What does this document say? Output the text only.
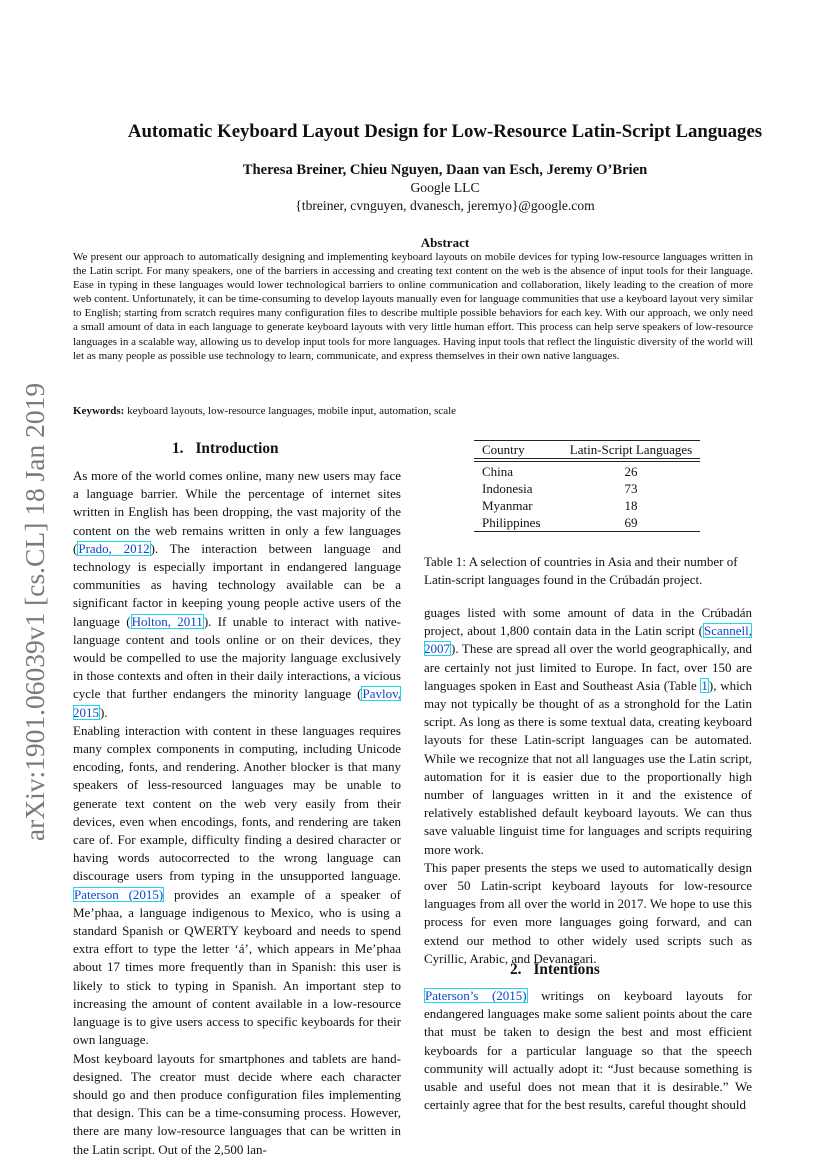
arXiv:1901.06039v1 [cs.CL] 18 Jan 2019
Automatic Keyboard Layout Design for Low-Resource Latin-Script Languages
Theresa Breiner, Chieu Nguyen, Daan van Esch, Jeremy O’Brien
Google LLC
{tbreiner, cvnguyen, dvanesch, jeremyo}@google.com
Abstract
We present our approach to automatically designing and implementing keyboard layouts on mobile devices for typing low-resource languages written in the Latin script. For many speakers, one of the barriers in accessing and creating text content on the web is the absence of input tools for their language. Ease in typing in these languages would lower technological barriers to online communication and collaboration, likely leading to the creation of more web content. Unfortunately, it can be time-consuming to develop layouts manually even for language communities that use a keyboard layout very similar to English; starting from scratch requires many configuration files to describe multiple possible behaviors for each key. With our approach, we only need a small amount of data in each language to generate keyboard layouts with very little human effort. This process can help serve speakers of low-resource languages in a scalable way, allowing us to develop input tools for more languages. Having input tools that reflect the linguistic diversity of the world will let as many people as possible use technology to learn, communicate, and express themselves in their own native languages.
Keywords: keyboard layouts, low-resource languages, mobile input, automation, scale
1. Introduction

As more of the world comes online, many new users may face a language barrier. While the percentage of internet sites written in English has been dropping, the vast majority of the content on the web remains written in only a few languages (Prado, 2012). The interaction between language and technology is especially important in endangered language communities as having technology available can be a significant factor in keeping young people active users of the language (Holton, 2011). If unable to interact with native-language content and tools online or on their devices, they would be compelled to use the majority language exclusively in those contexts and often in their daily interactions, a vicious cycle that further endangers the minority language (Pavlov, 2015).

Enabling interaction with content in these languages requires many complex components in computing, including Unicode encoding, fonts, and rendering. Another blocker is that many speakers of less-resourced languages may be unable to generate text content on the web very easily from their devices, even when encodings, fonts, and rendering are taken care of. For example, difficulty finding a desired character or having words autocorrected to the wrong language can discourage users from typing in the unsupported language. Paterson (2015) provides an example of a speaker of Me’phaa, a language indigenous to Mexico, who is using a standard Spanish or QWERTY keyboard and needs to spend extra effort to type the letter ‘á’, which appears in Me’phaa about 17 times more frequently than in Spanish: this user is likely to stick to typing in Spanish. An important step to increasing the amount of content available in a low-resource language is to give users access to specific keyboards for their own language.

Most keyboard layouts for smartphones and tablets are hand-designed. The creator must decide where each character should go and then produce configuration files implementing that design. This can be a time-consuming process. However, there are many low-resource languages that can be written in the Latin script. Out of the 2,500 lan-

Country	Latin-Script Languages
China	26
Indonesia	73
Myanmar	18
Philippines	69
Table 1: A selection of countries in Asia and their number of Latin-script languages found in the Crúbadán project.

guages listed with some amount of data in the Crúbadán project, about 1,800 contain data in the Latin script (Scannell, 2007). These are spread all over the world geographically, and are certainly not just limited to Europe. In fact, over 150 are languages spoken in East and Southeast Asia (Table 1), which may not typically be thought of as a stronghold for the Latin script. As long as there is some textual data, creating keyboard layouts for these Latin-script languages can be automated. While we recognize that not all languages use the Latin script, automation for it is easier due to the proportionally high number of languages written in it and the existence of relatively established default keyboard layouts. We can thus save valuable linguist time for languages and scripts requiring more work.

This paper presents the steps we used to automatically design over 50 Latin-script keyboard layouts for low-resource languages from all over the world in 2017. We hope to use this process for even more languages going forward, and can extend our method to other widely used scripts such as Cyrillic, Arabic, and Devanagari.

2. Intentions

Paterson’s (2015) writings on keyboard layouts for endangered languages make some salient points about the care that must be taken to design the best and most efficient keyboards for a particular language so that the speech community will actually adopt it: “Just because something is usable and useful does not mean that it is desirable.” We certainly agree that for the best results, careful thought should
